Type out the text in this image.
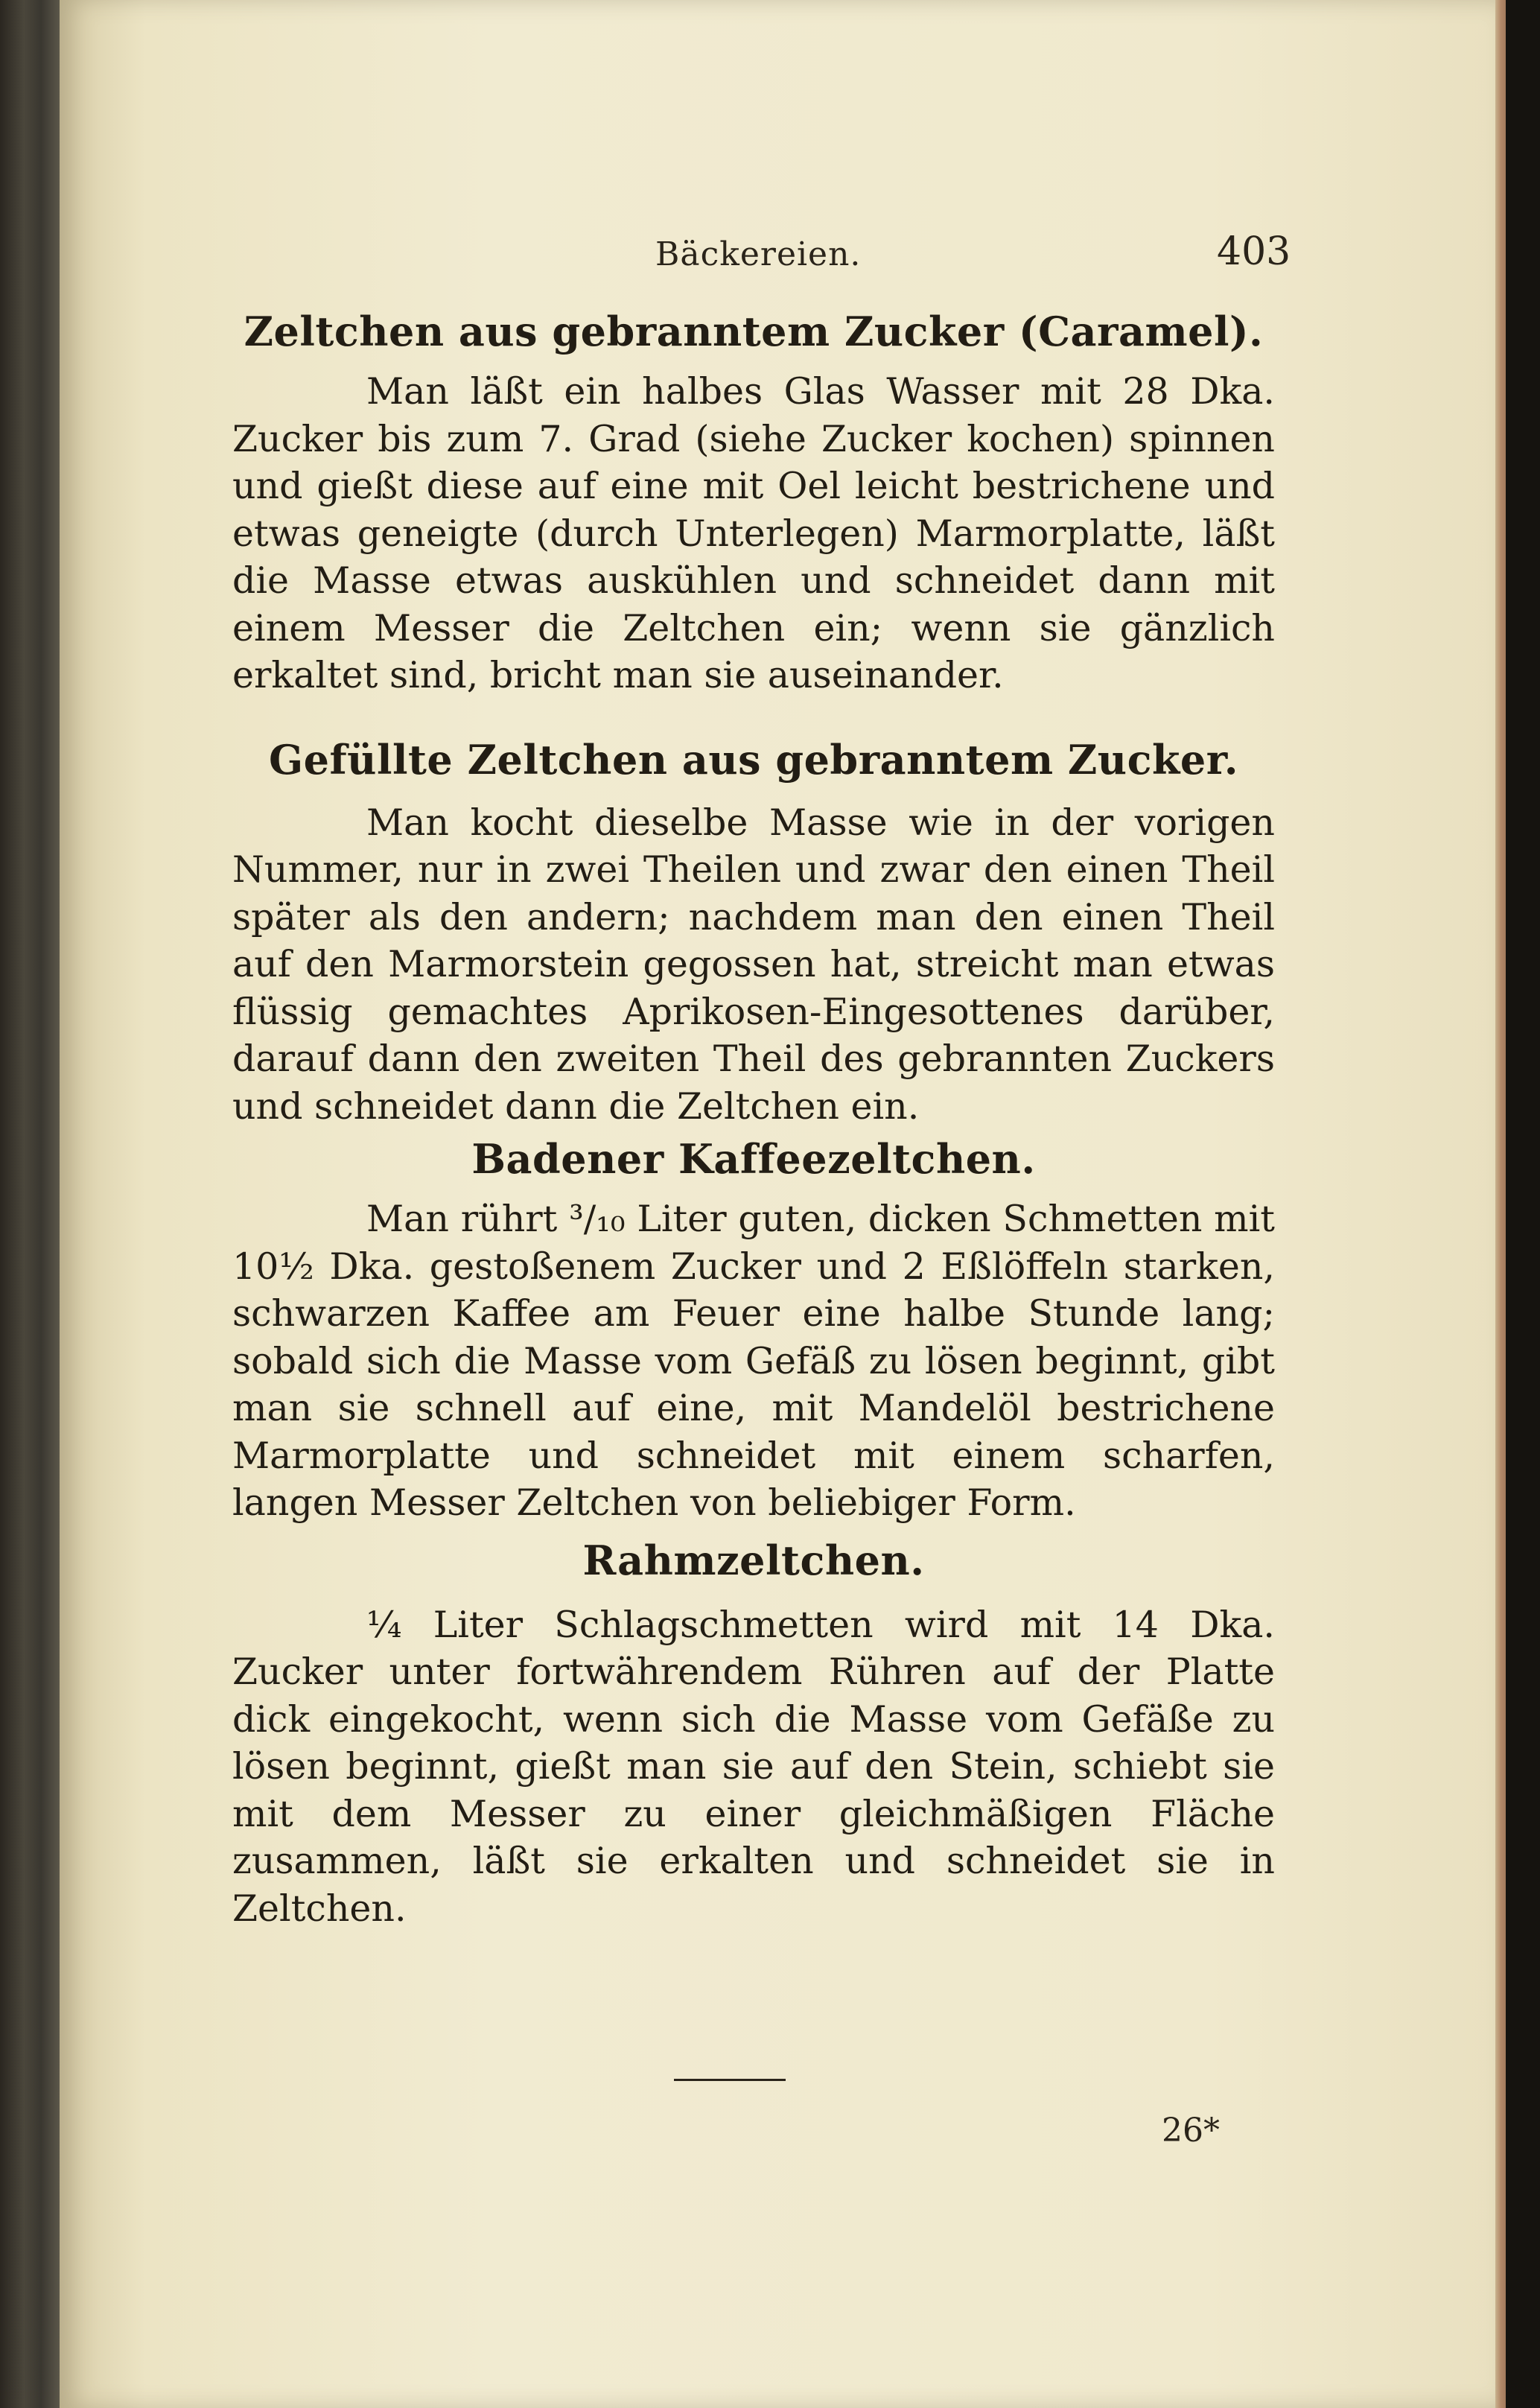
Bäckereien.	403
Zeltchen aus gebranntem Zucker (Caramel).

Man läßt ein halbes Glas Wasser mit 28 Dka. Zucker bis zum 7. Grad (siehe Zucker kochen) spinnen und gießt diese auf eine mit Oel leicht bestrichene und etwas geneigte (durch Unterlegen) Marmorplatte, läßt die Masse etwas auskühlen und schneidet dann mit einem Messer die Zeltchen ein; wenn sie gänzlich erkaltet sind, bricht man sie auseinander.

Gefüllte Zeltchen aus gebranntem Zucker.

Man kocht dieselbe Masse wie in der vorigen Nummer, nur in zwei Theilen und zwar den einen Theil später als den andern; nachdem man den einen Theil auf den Marmorstein gegossen hat, streicht man etwas flüssig gemachtes Aprikosen-Eingesottenes darüber, darauf dann den zweiten Theil des gebrannten Zuckers und schneidet dann die Zeltchen ein.

Badener Kaffeezeltchen.

Man rührt ³/₁₀ Liter guten, dicken Schmetten mit 10½ Dka. gestoßenem Zucker und 2 Eßlöffeln starken, schwarzen Kaffee am Feuer eine halbe Stunde lang; sobald sich die Masse vom Gefäß zu lösen beginnt, gibt man sie schnell auf eine, mit Mandelöl bestrichene Marmorplatte und schneidet mit einem scharfen, langen Messer Zeltchen von beliebiger Form.

Rahmzeltchen.

¼ Liter Schlagschmetten wird mit 14 Dka. Zucker unter fortwährendem Rühren auf der Platte dick eingekocht, wenn sich die Masse vom Gefäße zu lösen beginnt, gießt man sie auf den Stein, schiebt sie mit dem Messer zu einer gleichmäßigen Fläche zusammen, läßt sie erkalten und schneidet sie in Zeltchen.

26*
